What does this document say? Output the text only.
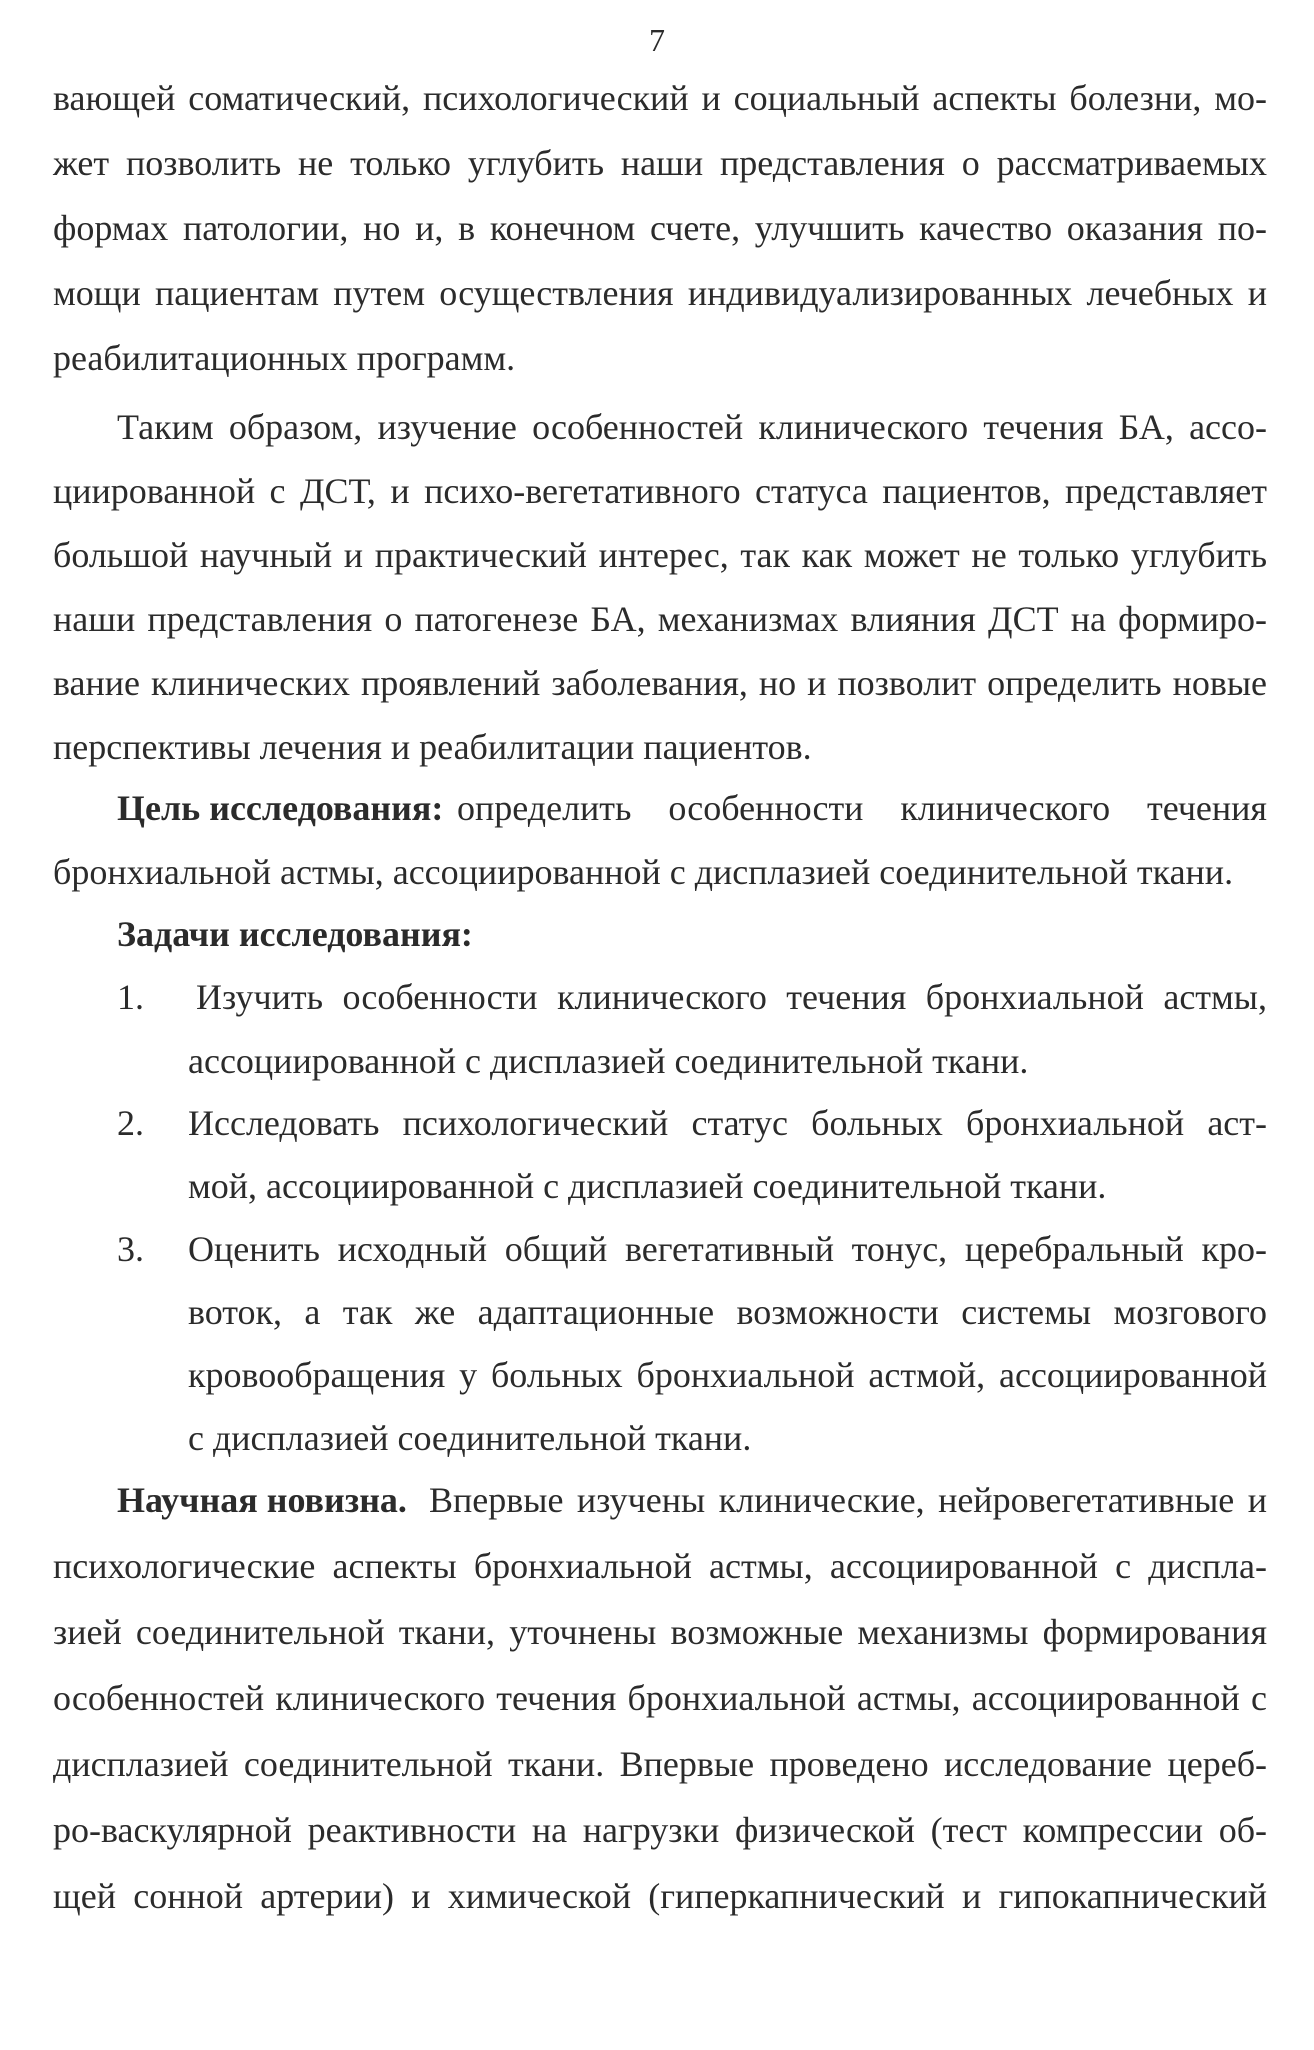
7
вающей соматический, психологический и социальный аспекты болезни, мо-
жет позволить не только углубить наши представления о рассматриваемых
формах патологии, но и, в конечном счете, улучшить качество оказания по-
мощи пациентам путем осуществления индивидуализированных лечебных и
реабилитационных программ.
Таким образом, изучение особенностей клинического течения БА, ассо-
циированной с ДСТ, и психо-вегетативного статуса пациентов, представляет
большой научный и практический интерес, так как может не только углубить
наши представления о патогенезе БА, механизмах влияния ДСТ на формиро-
вание клинических проявлений заболевания, но и позволит определить новые
перспективы лечения и реабилитации пациентов.
Цель исследования: определить особенности клинического течения
бронхиальной астмы, ассоциированной с дисплазией соединительной ткани.
Задачи исследования:
1. Изучить особенности клинического течения бронхиальной астмы,
ассоциированной с дисплазией соединительной ткани.
2. Исследовать психологический статус больных бронхиальной аст-
мой, ассоциированной с дисплазией соединительной ткани.
3. Оценить исходный общий вегетативный тонус, церебральный кро-
воток, а так же адаптационные возможности системы мозгового
кровообращения у больных бронхиальной астмой, ассоциированной
с дисплазией соединительной ткани.
Научная новизна. Впервые изучены клинические, нейровегетативные и
психологические аспекты бронхиальной астмы, ассоциированной с диспла-
зией соединительной ткани, уточнены возможные механизмы формирования
особенностей клинического течения бронхиальной астмы, ассоциированной с
дисплазией соединительной ткани. Впервые проведено исследование цереб-
ро-васкулярной реактивности на нагрузки физической (тест компрессии об-
щей сонной артерии) и химической (гиперкапнический и гипокапнический
